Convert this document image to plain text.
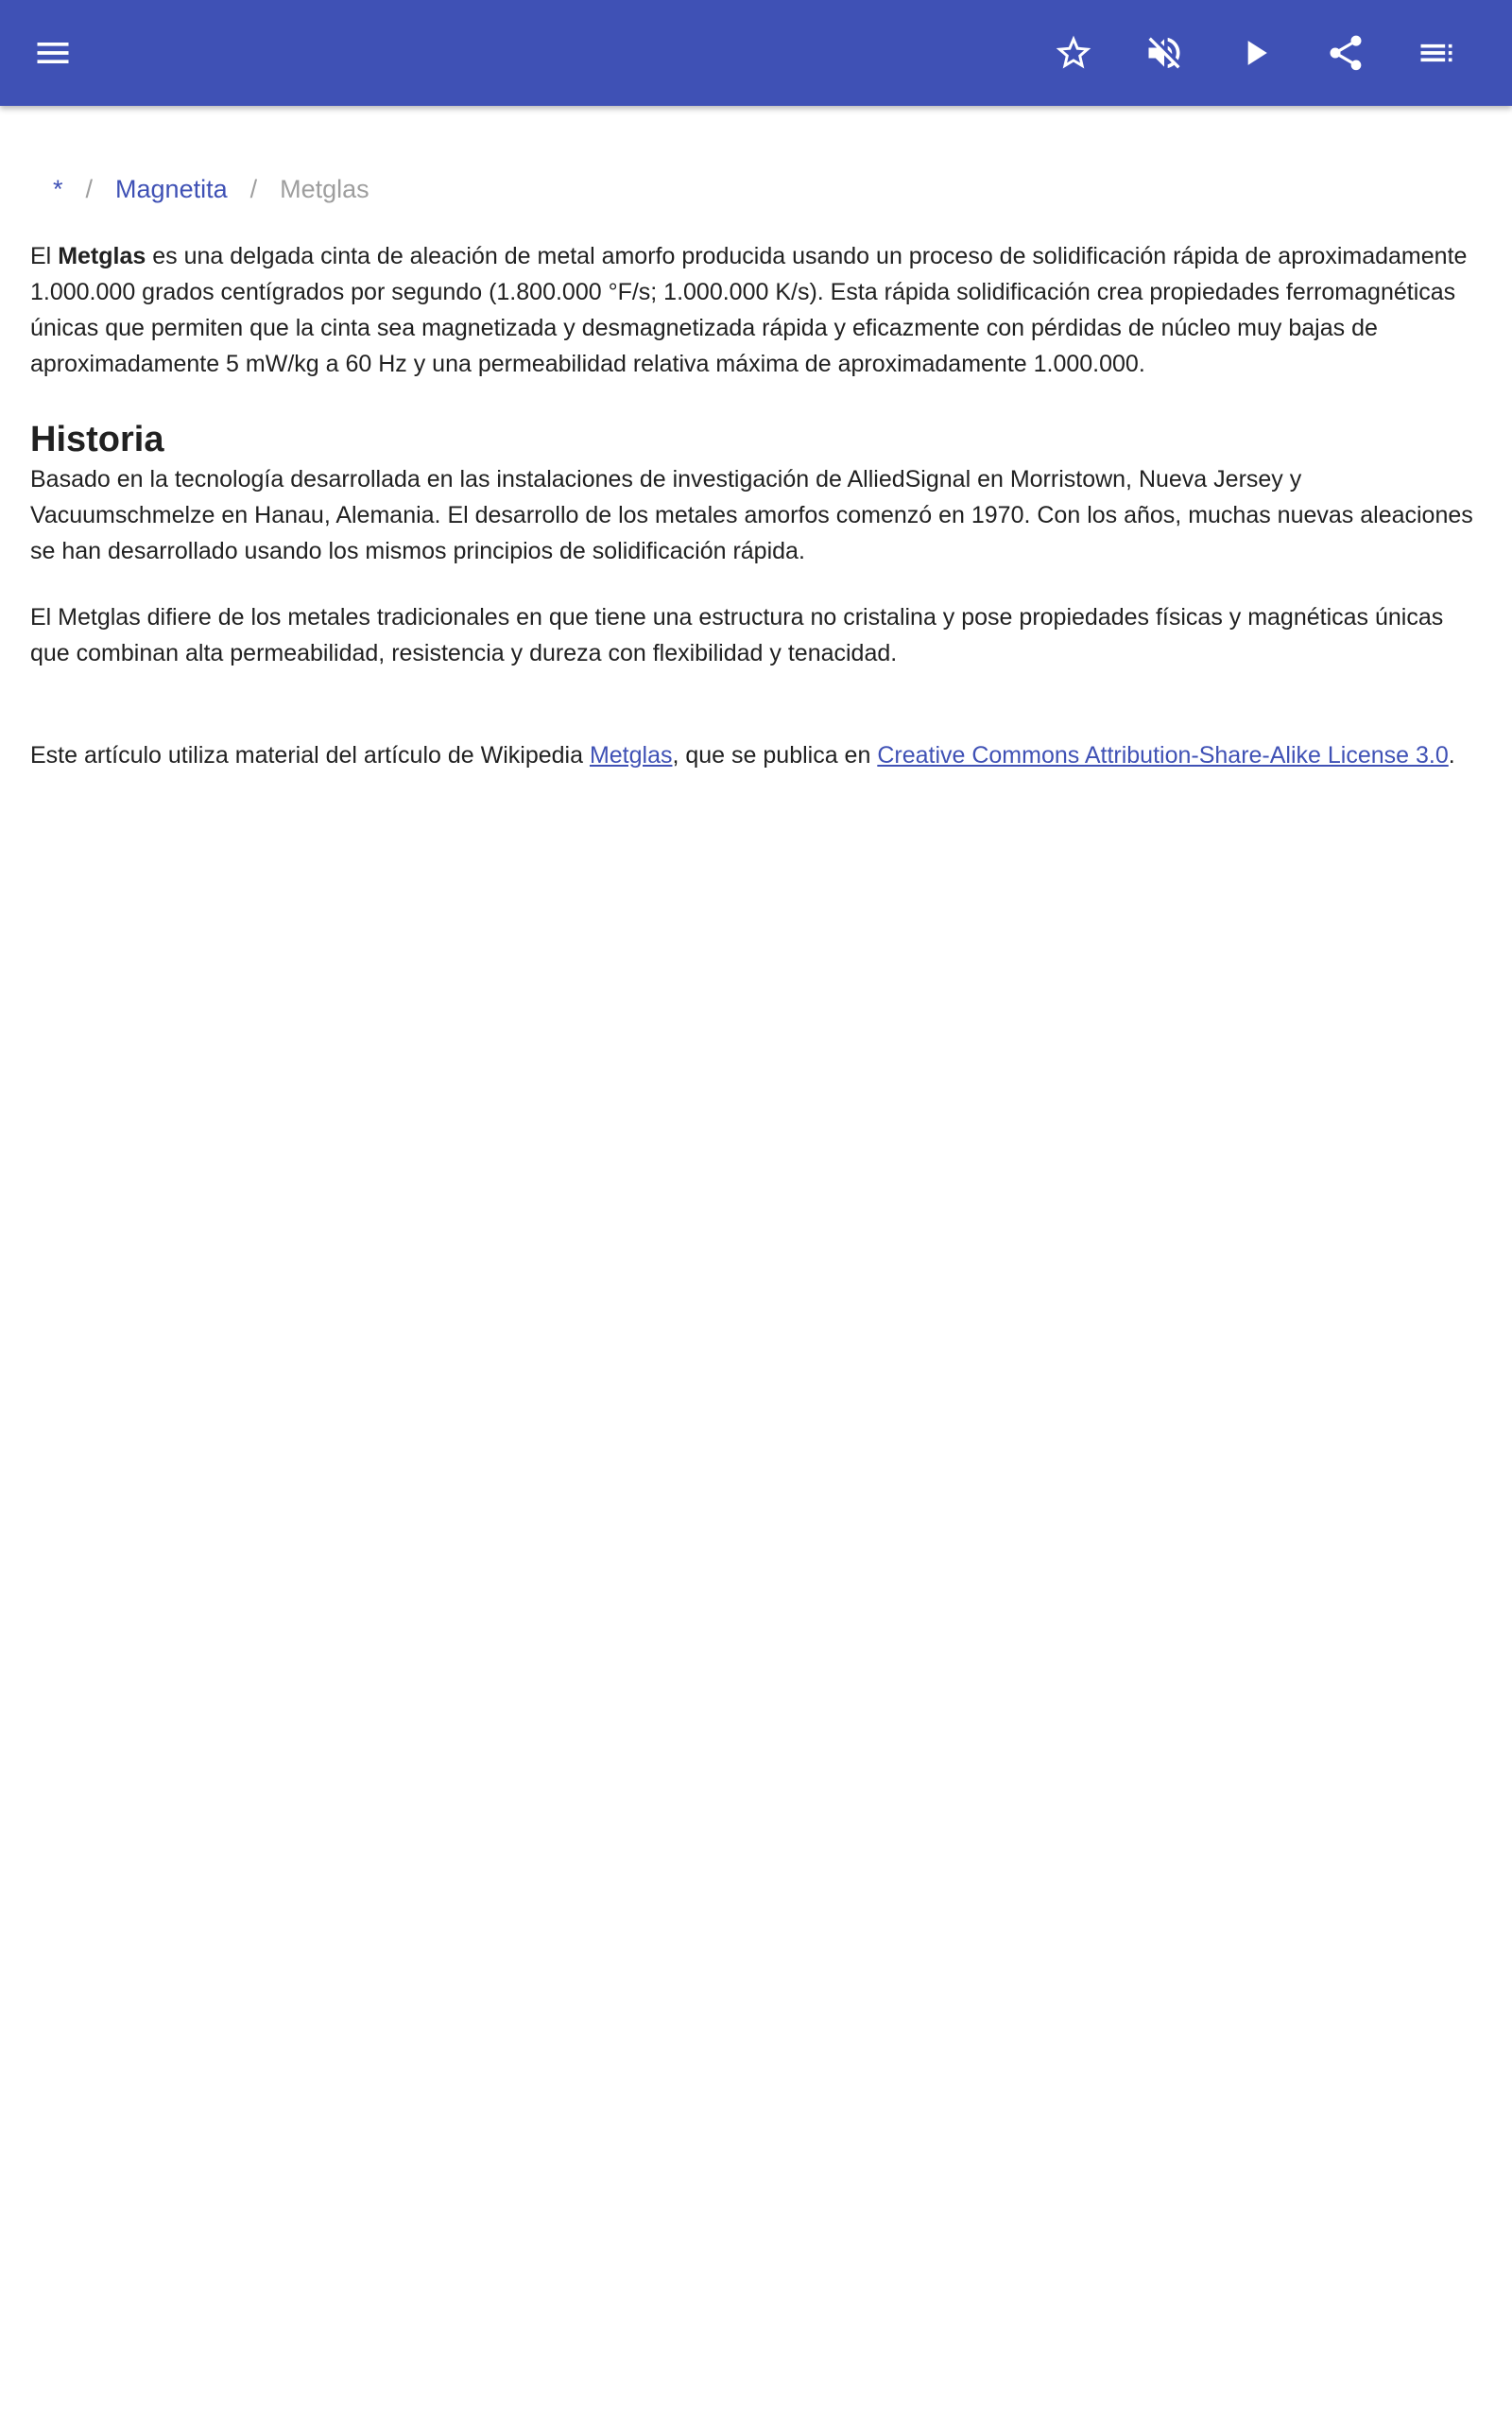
* / Magnetita / Metglas

El Metglas es una delgada cinta de aleación de metal amorfo producida usando un proceso de solidificación rápida de aproximadamente 1.000.000 grados centígrados por segundo (1.800.000 °F/s; 1.000.000 K/s). Esta rápida solidificación crea propiedades ferromagnéticas únicas que permiten que la cinta sea magnetizada y desmagnetizada rápida y eficazmente con pérdidas de núcleo muy bajas de aproximadamente 5 mW/kg a 60 Hz y una permeabilidad relativa máxima de aproximadamente 1.000.000.

Historia

Basado en la tecnología desarrollada en las instalaciones de investigación de AlliedSignal en Morristown, Nueva Jersey y Vacuumschmelze en Hanau, Alemania. El desarrollo de los metales amorfos comenzó en 1970. Con los años, muchas nuevas aleaciones se han desarrollado usando los mismos principios de solidificación rápida.

El Metglas difiere de los metales tradicionales en que tiene una estructura no cristalina y pose propiedades físicas y magnéticas únicas que combinan alta permeabilidad, resistencia y dureza con flexibilidad y tenacidad.

Este artículo utiliza material del artículo de Wikipedia Metglas, que se publica en Creative Commons Attribution-Share-Alike License 3.0.
